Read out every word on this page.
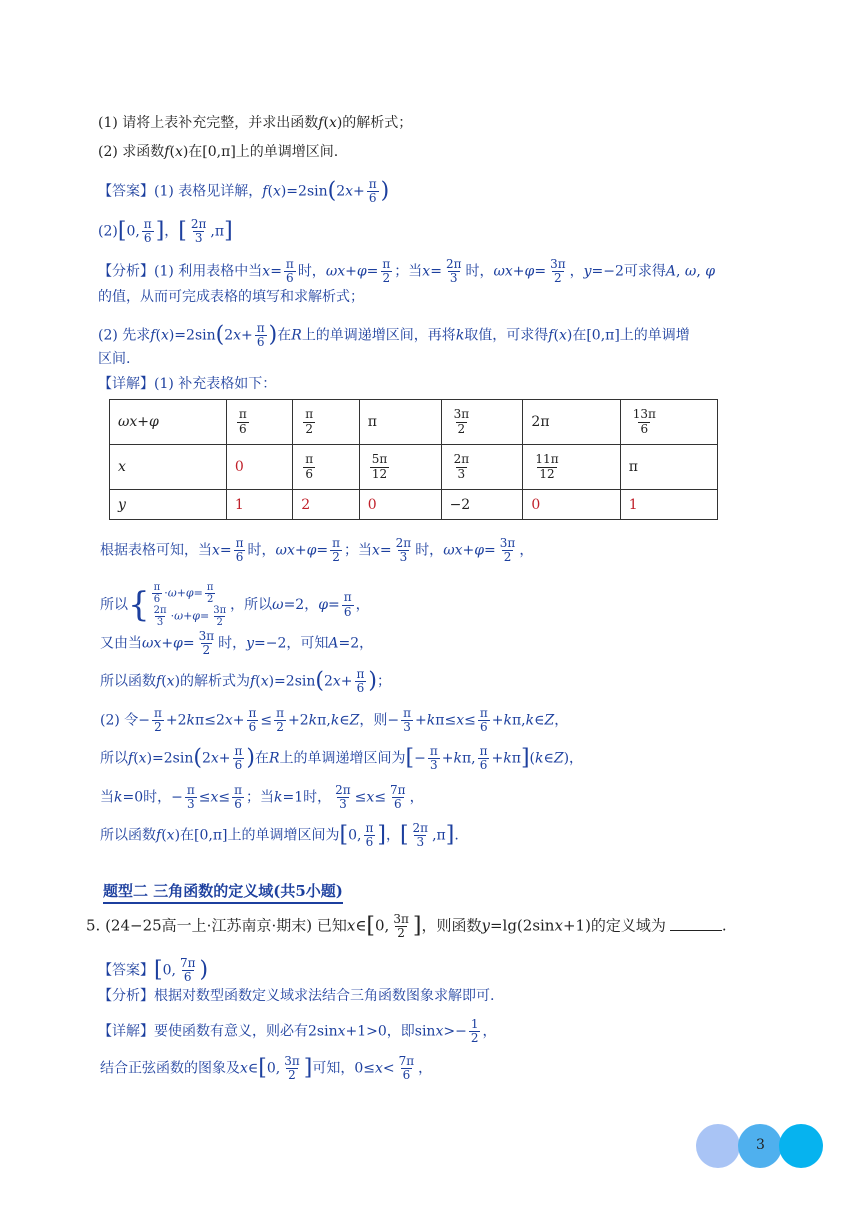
(1) 请将上表补充完整，并求出函数f(x)的解析式；
(2) 求函数f(x)在[0,π]上的单调增区间.
【答案】(1) 表格见详解，$f(x)=2\sin(2x+ \frac{\pi}{6}$ )
(2)[0, $\frac{\pi}{6}$ ]，[ $\frac{2\pi}{3} ,\pi$]
【分析】(1) 利用表格中当$x= \frac{\pi}{6}$ 时，$\omega x+\varphi= \frac{\pi}{2}$ ；当$x= \frac{2\pi}{3}$ 时，$\omega x+\varphi= \frac{3\pi}{2}$ ，y=−2可求得A, ω, φ
的值，从而可完成表格的填写和求解析式；
(2) 先求$f(x)=2\sin(2x+ \frac{\pi}{6}$ )在R上的单调递增区间，再将k取值，可求得f(x)在[0,π]上的单调增
区间.
【详解】(1) 补充表格如下：
ωx+φ	$\frac{\pi}{6}$	$\frac{\pi}{2}$	π	$\frac{3\pi}{2}$	2π	$\frac{13\pi}{6}$

x	0	$\frac{\pi}{6}$	$\frac{5\pi}{12}$	$\frac{2\pi}{3}$	$\frac{11\pi}{12}$	π
y	1	2	0	−2	0	1
根据表格可知，当$x= \frac{\pi}{6}$ 时，$\omega x+\varphi= \frac{\pi}{2}$ ；当$x= \frac{2\pi}{3}$ 时，$\omega x+\varphi= \frac{3\pi}{2}$ ，
所以{ $\frac{\pi}{6} \cdot\omega+\varphi= \frac{\pi}{2}$
$\frac{2\pi}{3} \cdot\omega+\varphi= \frac{3\pi}{2}$ ，所以ω=2，$\varphi= \frac{\pi}{6}$ ，
又由当$\omega x+\varphi= \frac{3\pi}{2}$ 时，y=−2，可知A=2，
所以函数f(x)的解析式为$f(x)=2\sin(2x+ \frac{\pi}{6}$ )；
(2) 令− $\frac{\pi}{2} +2k\pi\le 2x+ \frac{\pi}{6} \le \frac{\pi}{2}$ +2kπ,k∈Z，则− $\frac{\pi}{3} +k\pi\le x\le \frac{\pi}{6}$ +kπ,k∈Z，
所以$f(x)=2\sin(2x+ \frac{\pi}{6}$ )在R上的单调递增区间为[− $\frac{\pi}{3} +k\pi$, $\frac{\pi}{6}$ +kπ](k∈Z)，
当k=0时，− $\frac{\pi}{3} \le x\le \frac{\pi}{6}$ ；当k=1时， $\frac{2\pi}{3} \le x\le \frac{7\pi}{6}$ ，
所以函数f(x)在[0,π]上的单调增区间为[0, $\frac{\pi}{6}$ ]，[ $\frac{2\pi}{3} ,\pi$].
题型二 三角函数的定义域(共5小题)
5. (24−25高一上·江苏南京·期末) 已知x∈[0, $\frac{3\pi}{2}$ ]，则函数y=lg(2sinx+1)的定义域为	.
【答案】[0, $\frac{7\pi}{6}$ )
【分析】根据对数型函数定义域求法结合三角函数图象求解即可.
【详解】要使函数有意义，则必有2sinx+1>0，即$\sin x>- \frac{1}{2}$ ，
结合正弦函数的图象及x∈[0, $\frac{3\pi}{2}$ ]可知，$0\le x< \frac{7\pi}{6}$ ，
3
